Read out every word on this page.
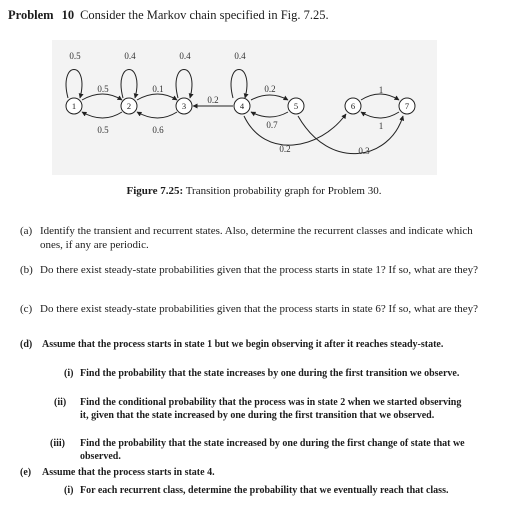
Problem 10 Consider the Markov chain specified in Fig. 7.25.
1	2	3	4	5	6	7
0.5	0.4	0.4	0.4
0.5
0.5
0.1
0.6
0.2
0.2
0.7
0.2	0.3
1
1
Figure 7.25: Transition probability graph for Problem 30.
(a) Identify the transient and recurrent states. Also, determine the recurrent classes and indicate which ones, if any are periodic.
(b) Do there exist steady-state probabilities given that the process starts in state 1? If so, what are they?
(c) Do there exist steady-state probabilities given that the process starts in state 6? If so, what are they?
(d) Assume that the process starts in state 1 but we begin observing it after it reaches steady-state.
(i) Find the probability that the state increases by one during the first transition we observe.
(ii) Find the conditional probability that the process was in state 2 when we started observing it, given that the state increased by one during the first transition that we observed.
(iii) Find the probability that the state increased by one during the first change of state that we observed.
(e) Assume that the process starts in state 4.
(i) For each recurrent class, determine the probability that we eventually reach that class.
